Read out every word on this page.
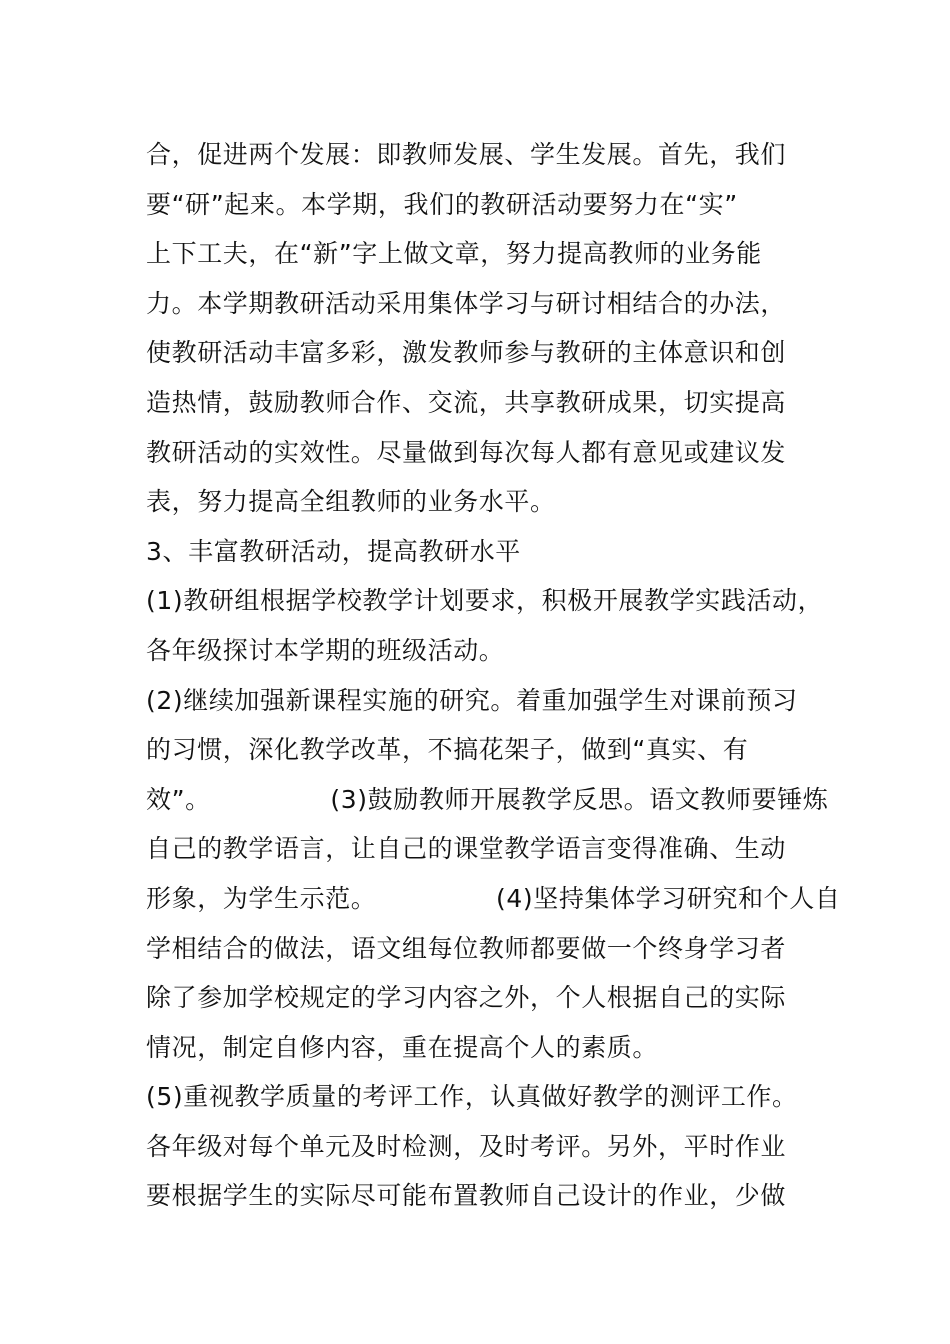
合，促进两个发展：即教师发展、学生发展。首先，我们
要“研”起来。本学期，我们的教研活动要努力在“实”
上下工夫，在“新”字上做文章，努力提高教师的业务能
力。本学期教研活动采用集体学习与研讨相结合的办法，
使教研活动丰富多彩，激发教师参与教研的主体意识和创
造热情，鼓励教师合作、交流，共享教研成果，切实提高
教研活动的实效性。尽量做到每次每人都有意见或建议发
表，努力提高全组教师的业务水平。
3、丰富教研活动，提高教研水平
(1)教研组根据学校教学计划要求，积极开展教学实践活动，
各年级探讨本学期的班级活动。
(2)继续加强新课程实施的研究。着重加强学生对课前预习
的习惯，深化教学改革，不搞花架子，做到“真实、有
效”。              (3)鼓励教师开展教学反思。语文教师要锤炼
自己的教学语言，让自己的课堂教学语言变得准确、生动
形象，为学生示范。              (4)坚持集体学习研究和个人自
学相结合的做法，语文组每位教师都要做一个终身学习者
除了参加学校规定的学习内容之外，个人根据自己的实际
情况，制定自修内容，重在提高个人的素质。
(5)重视教学质量的考评工作，认真做好教学的测评工作。
各年级对每个单元及时检测，及时考评。另外，平时作业
要根据学生的实际尽可能布置教师自己设计的作业，少做
